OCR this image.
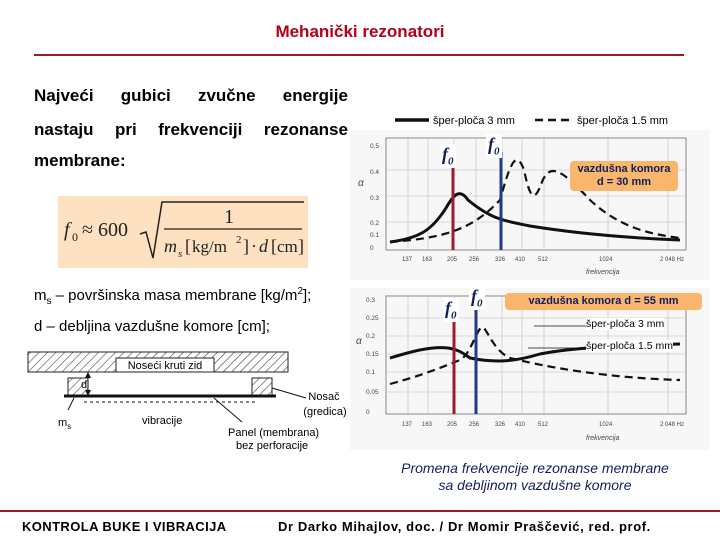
Mehanički rezonatori
Najveći gubici zvučne energije
nastaju pri frekvenciji rezonanse
membrane:
f 0 ≈ 600
1
m s [ kg/m 2 ] · d [ cm ]
$m_s$ – površinska masa membrane $[kg/m^2]$;
d – debljina vazdušne komore [cm];
Noseći kruti zid
d
$m_s$	vibracije
Nosač
(gredica)
Panel (membrana)
bez perforacije
šper-ploča 3 mm	šper-ploča 1.5 mm
0.5
0.4
0.3
0.2
0.1
0
α
137 163 205 256	326 410 512	1024	2 048 Hz
frekvencija
$f_0$
$f_0$
vazdušna komora
d = 30 mm
0.3
0.25
0.2
0.15
0.1
0.05
0
α
137 163 205 256	326 410 512	1024	2 048 Hz
frekvencija
$f_0$
$f_0$	vazdušna komora d = 55 mm
šper-ploča 3 mm
šper-ploča 1.5 mm
Promena frekvencije rezonanse membrane
sa debljinom vazdušne komore
KONTROLA BUKE I VIBRACIJA	Dr Darko Mihajlov, doc. / Dr Momir Praščević, red. prof.
